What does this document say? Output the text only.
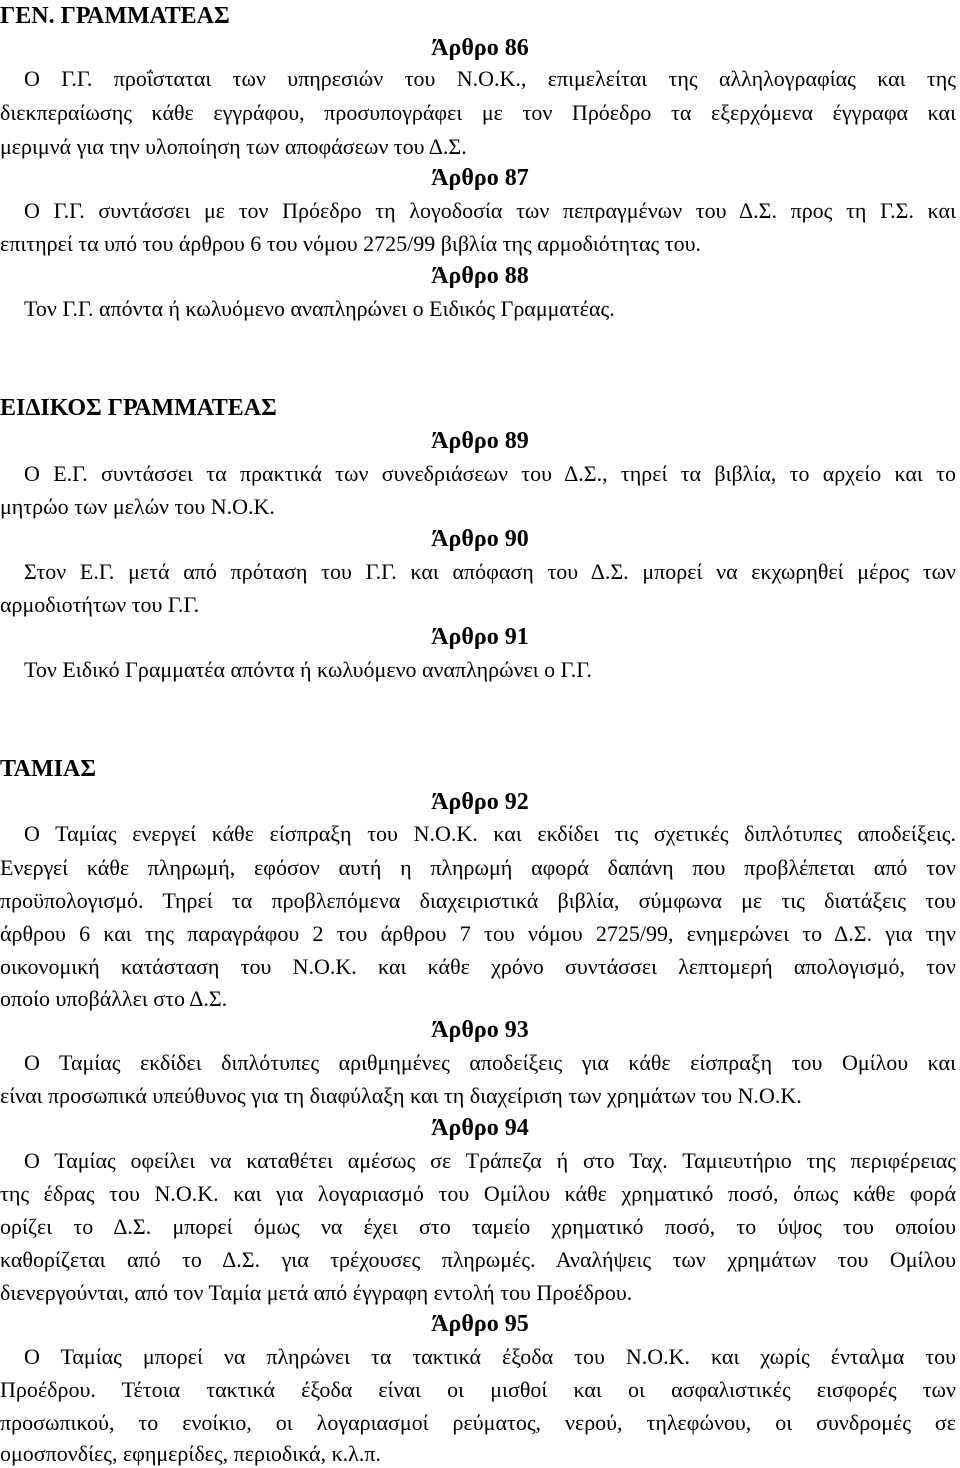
ΓΕΝ. ΓΡΑΜΜΑΤΕΑΣ
Άρθρο 86
Ο Γ.Γ. προΐσταται των υπηρεσιών του Ν.Ο.Κ., επιμελείται της αλληλογραφίας και της
διεκπεραίωσης κάθε εγγράφου, προσυπογράφει με τον Πρόεδρο τα εξερχόμενα έγγραφα και
μεριμνά για την υλοποίηση των αποφάσεων του Δ.Σ.
Άρθρο 87
Ο Γ.Γ. συντάσσει με τον Πρόεδρο τη λογοδοσία των πεπραγμένων του Δ.Σ. προς τη Γ.Σ. και
επιτηρεί τα υπό του άρθρου 6 του νόμου 2725/99 βιβλία της αρμοδιότητας του.
Άρθρο 88
Τον Γ.Γ. απόντα ή κωλυόμενο αναπληρώνει ο Ειδικός Γραμματέας.
ΕΙΔΙΚΟΣ ΓΡΑΜΜΑΤΕΑΣ
Άρθρο 89
Ο Ε.Γ. συντάσσει τα πρακτικά των συνεδριάσεων του Δ.Σ., τηρεί τα βιβλία, το αρχείο και το
μητρώο των μελών του Ν.Ο.Κ.
Άρθρο 90
Στον Ε.Γ. μετά από πρόταση του Γ.Γ. και απόφαση του Δ.Σ. μπορεί να εκχωρηθεί μέρος των
αρμοδιοτήτων του Γ.Γ.
Άρθρο 91
Τον Ειδικό Γραμματέα απόντα ή κωλυόμενο αναπληρώνει ο Γ.Γ.
ΤΑΜΙΑΣ
Άρθρο 92
Ο Ταμίας ενεργεί κάθε είσπραξη του Ν.Ο.Κ. και εκδίδει τις σχετικές διπλότυπες αποδείξεις.
Ενεργεί κάθε πληρωμή, εφόσον αυτή η πληρωμή αφορά δαπάνη που προβλέπεται από τον
προϋπολογισμό. Τηρεί τα προβλεπόμενα διαχειριστικά βιβλία, σύμφωνα με τις διατάξεις του
άρθρου 6 και της παραγράφου 2 του άρθρου 7 του νόμου 2725/99, ενημερώνει το Δ.Σ. για την
οικονομική κατάσταση του Ν.Ο.Κ. και κάθε χρόνο συντάσσει λεπτομερή απολογισμό, τον
οποίο υποβάλλει στο Δ.Σ.
Άρθρο 93
Ο Ταμίας εκδίδει διπλότυπες αριθμημένες αποδείξεις για κάθε είσπραξη του Ομίλου και
είναι προσωπικά υπεύθυνος για τη διαφύλαξη και τη διαχείριση των χρημάτων του Ν.Ο.Κ.
Άρθρο 94
Ο Ταμίας οφείλει να καταθέτει αμέσως σε Τράπεζα ή στο Ταχ. Ταμιευτήριο της περιφέρειας
της έδρας του Ν.Ο.Κ. και για λογαριασμό του Ομίλου κάθε χρηματικό ποσό, όπως κάθε φορά
ορίζει το Δ.Σ. μπορεί όμως να έχει στο ταμείο χρηματικό ποσό, το ύψος του οποίου
καθορίζεται από το Δ.Σ. για τρέχουσες πληρωμές. Αναλήψεις των χρημάτων του Ομίλου
διενεργούνται, από τον Ταμία μετά από έγγραφη εντολή του Προέδρου.
Άρθρο 95
Ο Ταμίας μπορεί να πληρώνει τα τακτικά έξοδα του Ν.Ο.Κ. και χωρίς ένταλμα του
Προέδρου. Τέτοια τακτικά έξοδα είναι οι μισθοί και οι ασφαλιστικές εισφορές των
προσωπικού, το ενοίκιο, οι λογαριασμοί ρεύματος, νερού, τηλεφώνου, οι συνδρομές σε
ομοσπονδίες, εφημερίδες, περιοδικά, κ.λ.π.
